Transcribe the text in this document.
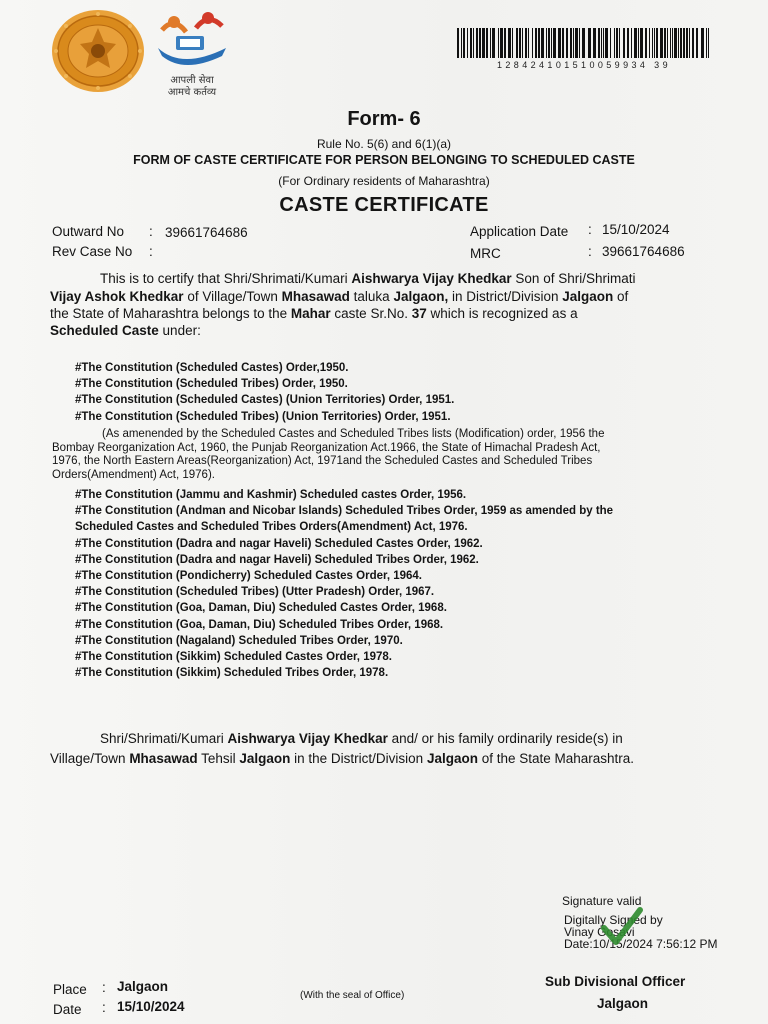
आपली सेवा
आमचे कर्तव्य
128424101510059934 39
Form- 6
Rule No. 5(6) and 6(1)(a)
FORM OF CASTE CERTIFICATE FOR PERSON BELONGING TO SCHEDULED CASTE
(For Ordinary residents of Maharashtra)
CASTE CERTIFICATE
Outward No : 39661764686
Rev Case No :
Application Date : 15/10/2024
MRC	: 39661764686
This is to certify that Shri/Shrimati/Kumari Aishwarya Vijay Khedkar Son of Shri/Shrimati
Vijay Ashok Khedkar of Village/Town Mhasawad taluka Jalgaon, in District/Division Jalgaon of
the State of Maharashtra belongs to the Mahar caste Sr.No. 37 which is recognized as a
Scheduled Caste under:
#The Constitution (Scheduled Castes) Order,1950.
#The Constitution (Scheduled Tribes) Order, 1950.
#The Constitution (Scheduled Castes) (Union Territories) Order, 1951.
#The Constitution (Scheduled Tribes) (Union Territories) Order, 1951.
(As amenended by the Scheduled Castes and Scheduled Tribes lists (Modification) order, 1956 the
Bombay Reorganization Act, 1960, the Punjab Reorganization Act.1966, the State of Himachal Pradesh Act,
1976, the North Eastern Areas(Reorganization) Act, 1971and the Scheduled Castes and Scheduled Tribes
Orders(Amendment) Act, 1976).
#The Constitution (Jammu and Kashmir) Scheduled castes Order, 1956.
#The Constitution (Andman and Nicobar Islands) Scheduled Tribes Order, 1959 as amended by the
Scheduled Castes and Scheduled Tribes Orders(Amendment) Act, 1976.
#The Constitution (Dadra and nagar Haveli) Scheduled Castes Order, 1962.
#The Constitution (Dadra and nagar Haveli) Scheduled Tribes Order, 1962.
#The Constitution (Pondicherry) Scheduled Castes Order, 1964.
#The Constitution (Scheduled Tribes) (Utter Pradesh) Order, 1967.
#The Constitution (Goa, Daman, Diu) Scheduled Castes Order, 1968.
#The Constitution (Goa, Daman, Diu) Scheduled Tribes Order, 1968.
#The Constitution (Nagaland) Scheduled Tribes Order, 1970.
#The Constitution (Sikkim) Scheduled Castes Order, 1978.
#The Constitution (Sikkim) Scheduled Tribes Order, 1978.
Shri/Shrimati/Kumari Aishwarya Vijay Khedkar and/ or his family ordinarily reside(s) in
Village/Town Mhasawad Tehsil Jalgaon in the District/Division Jalgaon of the State Maharashtra.
Signature valid
Digitally Signed by
Vinay Gosavi
Date:10/15/2024 7:56:12 PM
Place : Jalgaon
Date : 15/10/2024
(With the seal of Office)
Sub Divisional Officer
Jalgaon
